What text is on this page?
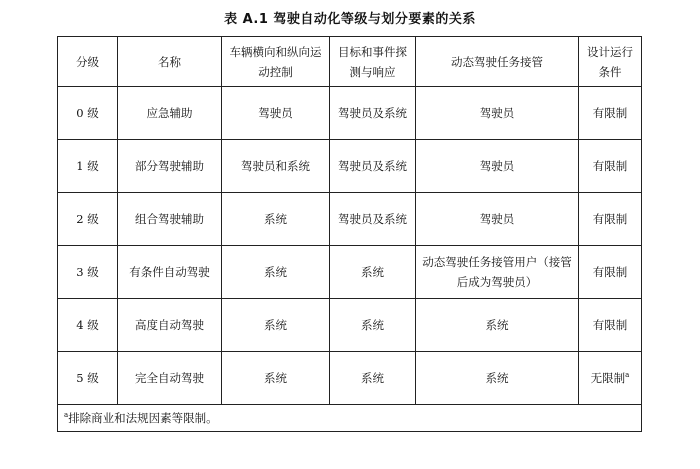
表 A.1 驾驶自动化等级与划分要素的关系
分级	名称	车辆横向和纵向运动控制	目标和事件探测与响应	动态驾驶任务接管	设计运行条件
0 级	应急辅助	驾驶员	驾驶员及系统	驾驶员	有限制
1 级	部分驾驶辅助	驾驶员和系统	驾驶员及系统	驾驶员	有限制
2 级	组合驾驶辅助	系统	驾驶员及系统	驾驶员	有限制
3 级	有条件自动驾驶	系统	系统	动态驾驶任务接管用户（接管后成为驾驶员）	有限制
4 级	高度自动驾驶	系统	系统	系统	有限制
5 级	完全自动驾驶	系统	系统	系统	无限制$^a$
$^a$排除商业和法规因素等限制。					
